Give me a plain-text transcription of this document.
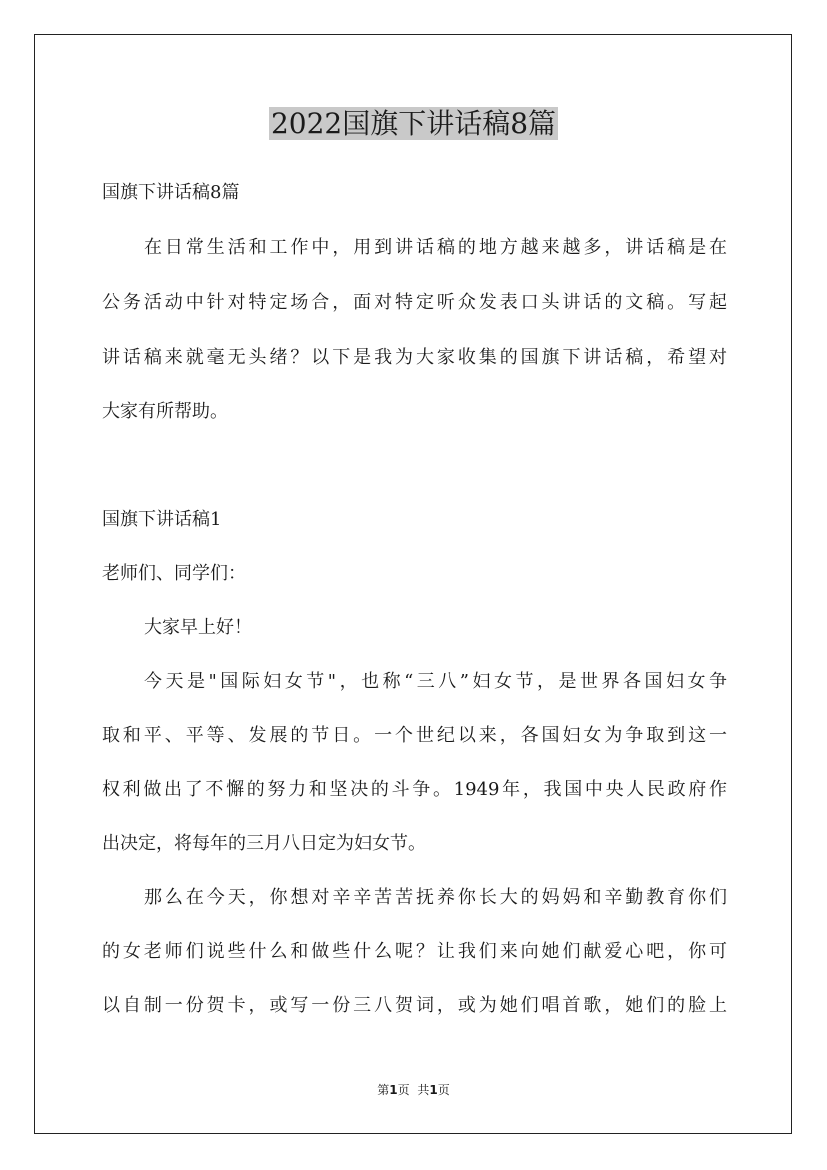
2022国旗下讲话稿8篇

国旗下讲话稿8篇

在日常生活和工作中，用到讲话稿的地方越来越多，讲话稿是在

公务活动中针对特定场合，面对特定听众发表口头讲话的文稿。写起

讲话稿来就毫无头绪？以下是我为大家收集的国旗下讲话稿，希望对

大家有所帮助。

国旗下讲话稿1

老师们、同学们：

大家早上好！

今天是"国际妇女节"，也称“三八”妇女节，是世界各国妇女争

取和平、平等、发展的节日。一个世纪以来，各国妇女为争取到这一

权利做出了不懈的努力和坚决的斗争。1949年，我国中央人民政府作

出决定，将每年的三月八日定为妇女节。

那么在今天，你想对辛辛苦苦抚养你长大的妈妈和辛勤教育你们

的女老师们说些什么和做些什么呢？让我们来向她们献爱心吧，你可

以自制一份贺卡，或写一份三八贺词，或为她们唱首歌，她们的脸上

第1页 共1页
